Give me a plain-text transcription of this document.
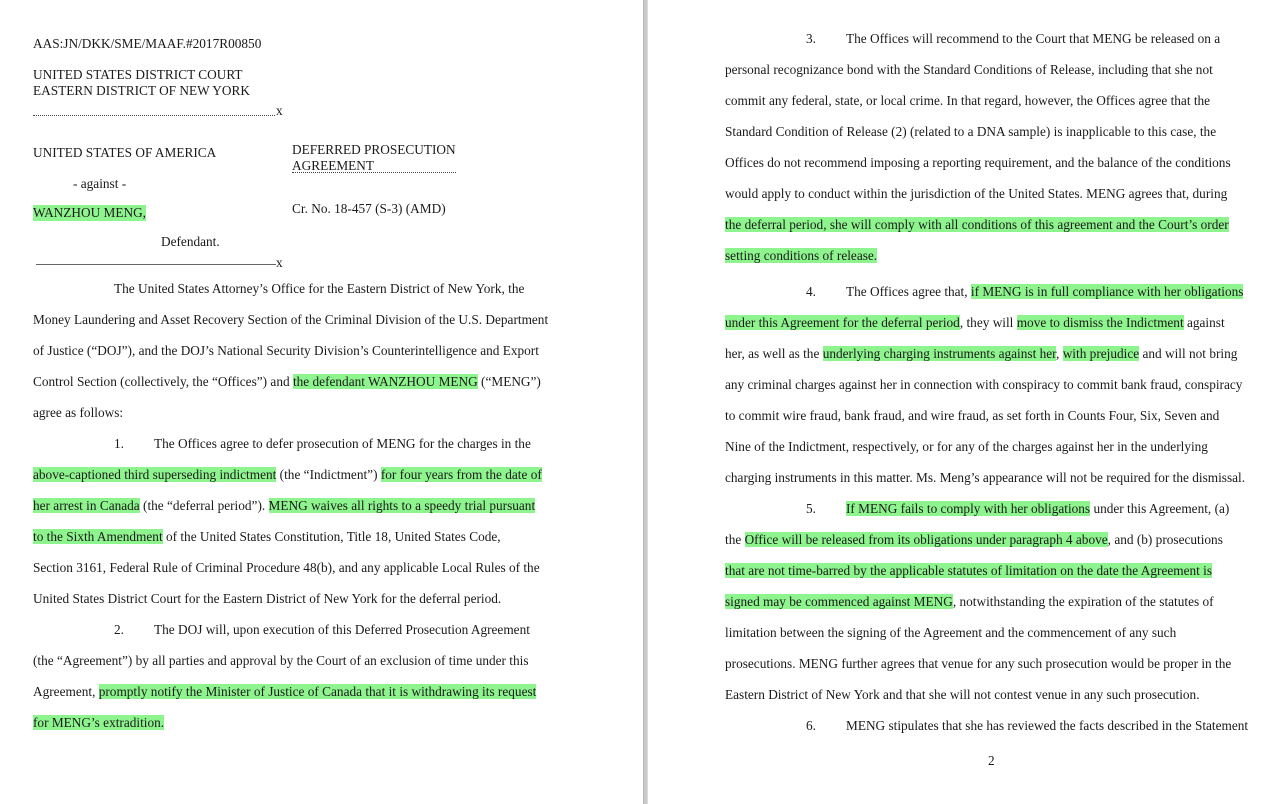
AAS:JN/DKK/SME/MAAF.#2017R00850
UNITED STATES DISTRICT COURT
EASTERN DISTRICT OF NEW YORK
x
UNITED STATES OF AMERICA
- against -
WANZHOU MENG,
Defendant.
DEFERRED PROSECUTION
AGREEMENT
Cr. No. 18-457 (S-3) (AMD)
x
The United States Attorney’s Office for the Eastern District of New York, the
Money Laundering and Asset Recovery Section of the Criminal Division of the U.S. Department
of Justice (“DOJ”), and the DOJ’s National Security Division’s Counterintelligence and Export
Control Section (collectively, the “Offices”) and the defendant WANZHOU MENG (“MENG”)
agree as follows:
1. The Offices agree to defer prosecution of MENG for the charges in the
above-captioned third superseding indictment (the “Indictment”) for four years from the date of
her arrest in Canada (the “deferral period”). MENG waives all rights to a speedy trial pursuant
to the Sixth Amendment of the United States Constitution, Title 18, United States Code,
Section 3161, Federal Rule of Criminal Procedure 48(b), and any applicable Local Rules of the
United States District Court for the Eastern District of New York for the deferral period.
2. The DOJ will, upon execution of this Deferred Prosecution Agreement
(the “Agreement”) by all parties and approval by the Court of an exclusion of time under this
Agreement, promptly notify the Minister of Justice of Canada that it is withdrawing its request
for MENG’s extradition.
3. The Offices will recommend to the Court that MENG be released on a
personal recognizance bond with the Standard Conditions of Release, including that she not
commit any federal, state, or local crime. In that regard, however, the Offices agree that the
Standard Condition of Release (2) (related to a DNA sample) is inapplicable to this case, the
Offices do not recommend imposing a reporting requirement, and the balance of the conditions
would apply to conduct within the jurisdiction of the United States. MENG agrees that, during
the deferral period, she will comply with all conditions of this agreement and the Court’s order
setting conditions of release.
4. The Offices agree that, if MENG is in full compliance with her obligations
under this Agreement for the deferral period, they will move to dismiss the Indictment against
her, as well as the underlying charging instruments against her, with prejudice and will not bring
any criminal charges against her in connection with conspiracy to commit bank fraud, conspiracy
to commit wire fraud, bank fraud, and wire fraud, as set forth in Counts Four, Six, Seven and
Nine of the Indictment, respectively, or for any of the charges against her in the underlying
charging instruments in this matter. Ms. Meng’s appearance will not be required for the dismissal.
5. If MENG fails to comply with her obligations under this Agreement, (a)
the Office will be released from its obligations under paragraph 4 above, and (b) prosecutions
that are not time-barred by the applicable statutes of limitation on the date the Agreement is
signed may be commenced against MENG, notwithstanding the expiration of the statutes of
limitation between the signing of the Agreement and the commencement of any such
prosecutions. MENG further agrees that venue for any such prosecution would be proper in the
Eastern District of New York and that she will not contest venue in any such prosecution.
6. MENG stipulates that she has reviewed the facts described in the Statement
2
